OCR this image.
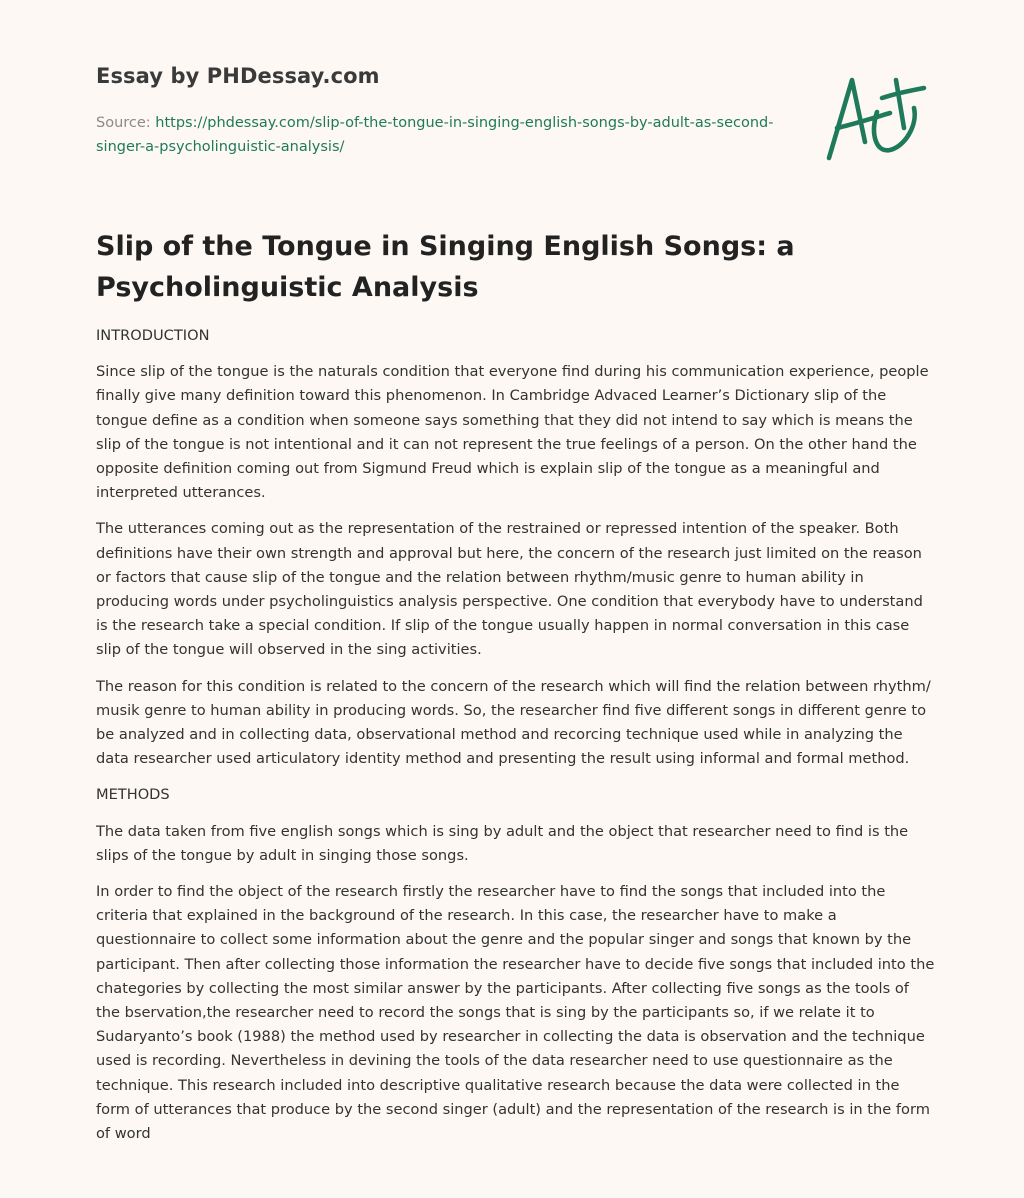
Essay by PHDessay.com
Source: https://phdessay.com/slip-of-the-tongue-in-singing-english-songs-by-adult-as-second-singer-a-psycholinguistic-analysis/
Slip of the Tongue in Singing English Songs: a Psycholinguistic Analysis

INTRODUCTION

Since slip of the tongue is the naturals condition that everyone find during his communication experience, people finally give many definition toward this phenomenon. In Cambridge Advaced Learner’s Dictionary slip of the tongue define as a condition when someone says something that they did not intend to say which is means the slip of the tongue is not intentional and it can not represent the true feelings of a person. On the other hand the opposite definition coming out from Sigmund Freud which is explain slip of the tongue as a meaningful and interpreted utterances.

The utterances coming out as the representation of the restrained or repressed intention of the speaker. Both definitions have their own strength and approval but here, the concern of the research just limited on the reason or factors that cause slip of the tongue and the relation between rhythm/music genre to human ability in producing words under psycholinguistics analysis perspective. One condition that everybody have to understand is the research take a special condition. If slip of the tongue usually happen in normal conversation in this case slip of the tongue will observed in the sing activities.

The reason for this condition is related to the concern of the research which will find the relation between rhythm/ musik genre to human ability in producing words. So, the researcher find five different songs in different genre to be analyzed and in collecting data, observational method and recorcing technique used while in analyzing the data researcher used articulatory identity method and presenting the result using informal and formal method.

METHODS

The data taken from five english songs which is sing by adult and the object that researcher need to find is the slips of the tongue by adult in singing those songs.

In order to find the object of the research firstly the researcher have to find the songs that included into the criteria that explained in the background of the research. In this case, the researcher have to make a questionnaire to collect some information about the genre and the popular singer and songs that known by the participant. Then after collecting those information the researcher have to decide five songs that included into the chategories by collecting the most similar answer by the participants. After collecting five songs as the tools of the bservation,the researcher need to record the songs that is sing by the participants so, if we relate it to Sudaryanto’s book (1988) the method used by researcher in collecting the data is observation and the technique used is recording. Nevertheless in devining the tools of the data researcher need to use questionnaire as the technique. This research included into descriptive qualitative research because the data were collected in the form of utterances that produce by the second singer (adult) and the representation of the research is in the form of word
